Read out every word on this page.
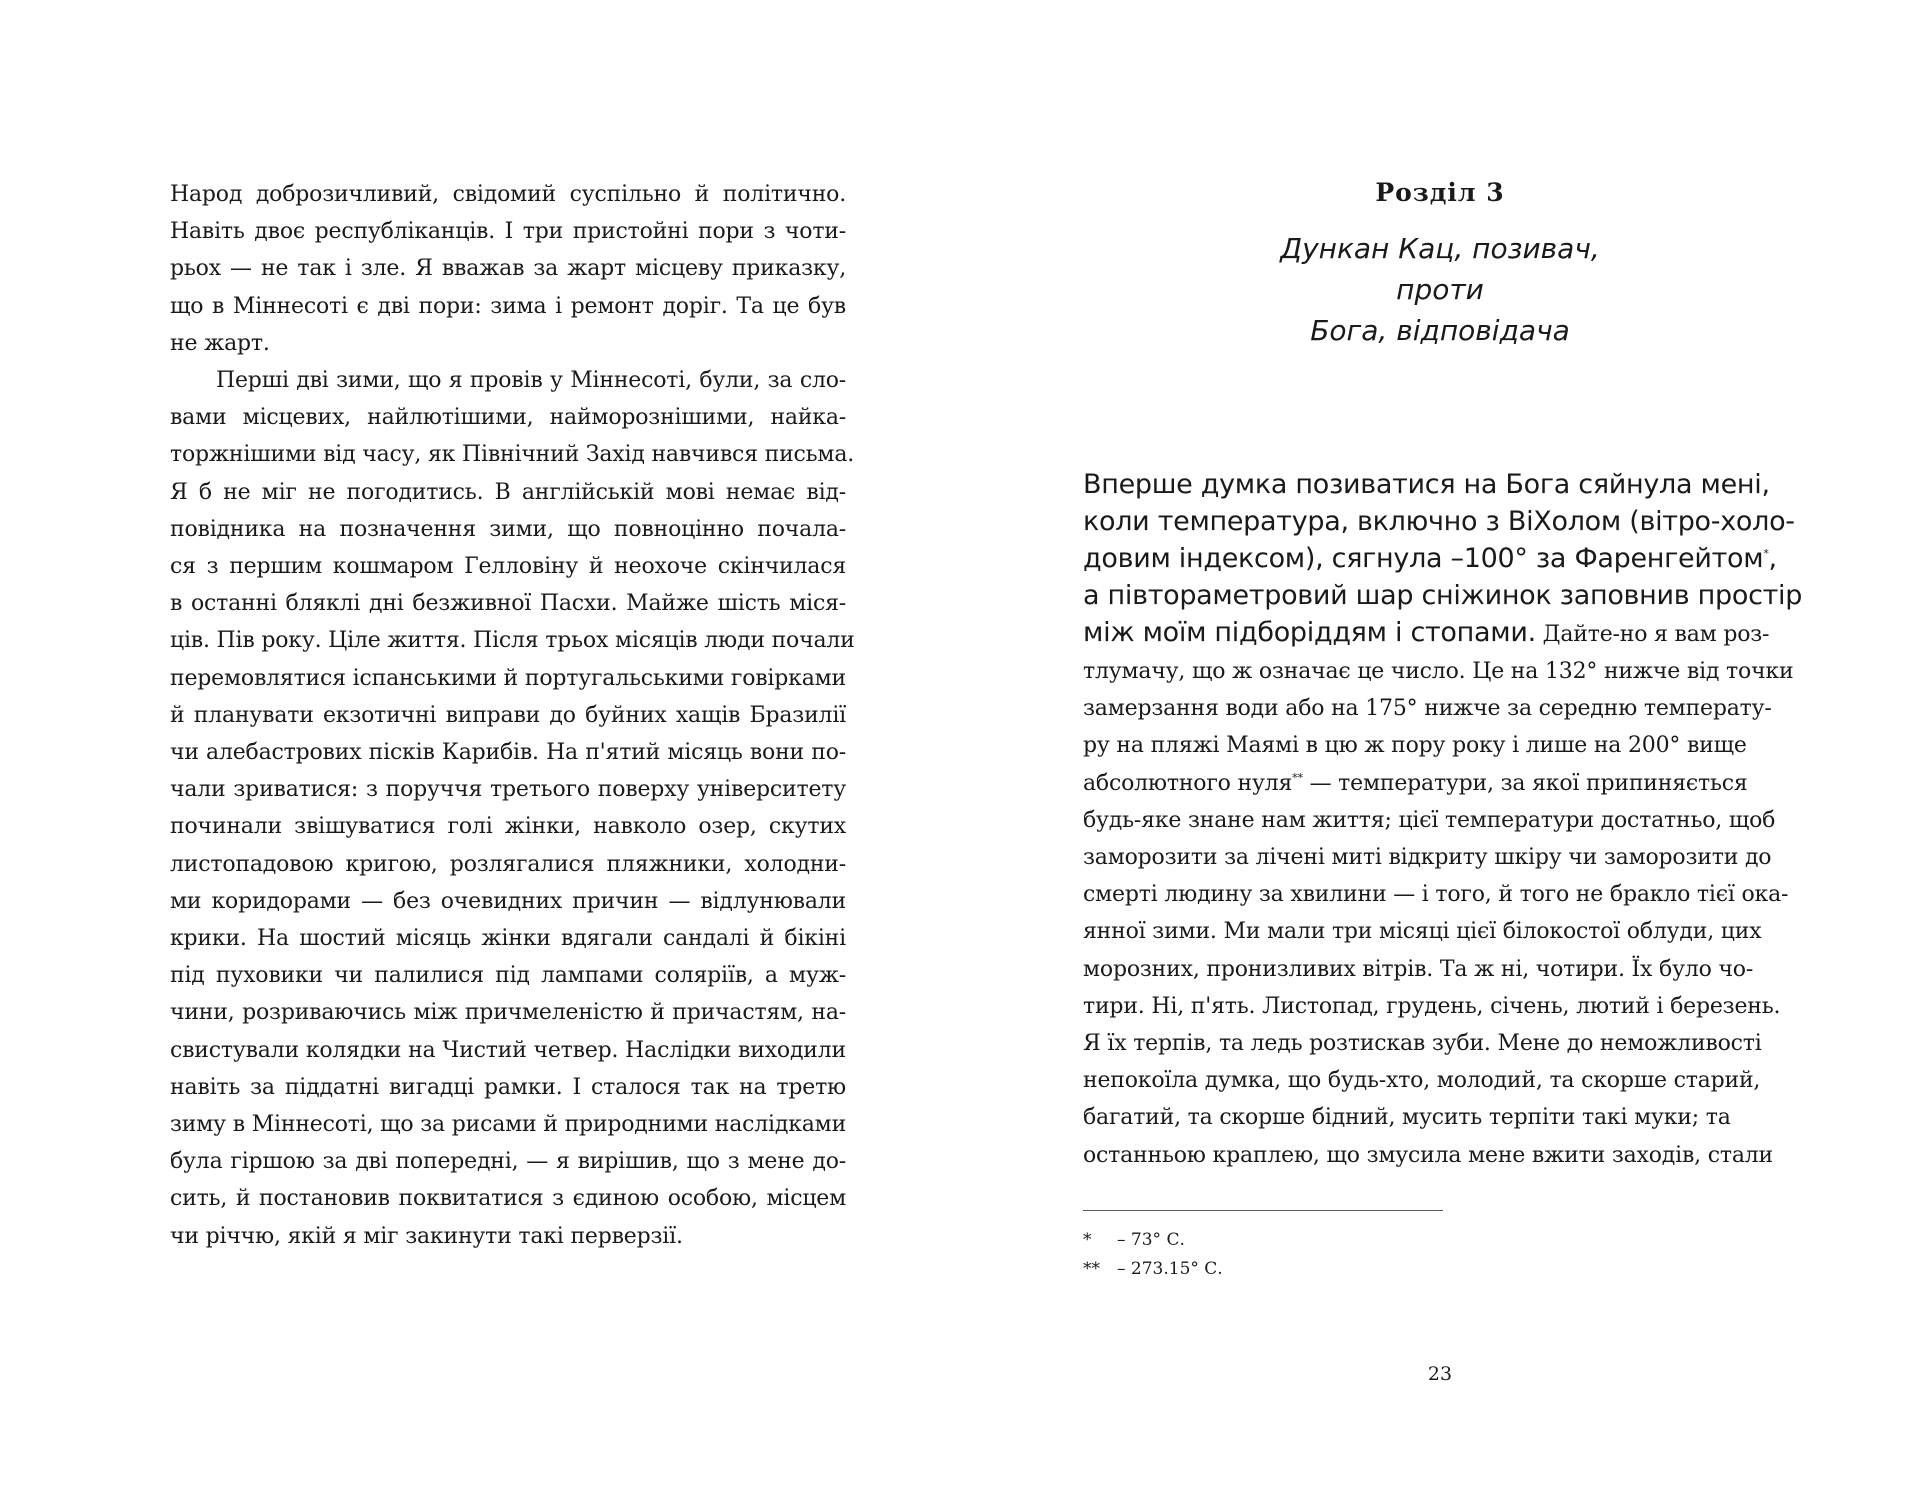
Народ доброзичливий, свідомий суспільно й політично.
Навіть двоє республіканців. І три пристойні пори з чоти-
рьох — не так і зле. Я вважав за жарт місцеву приказку,
що в Міннесоті є дві пори: зима і ремонт доріг. Та це був
не жарт.
Перші дві зими, що я провів у Міннесоті, були, за сло-
вами місцевих, найлютішими, найморознішими, найка-
торжнішими від часу, як Північний Захід навчився письма.
Я б не міг не погодитись. В англійській мові немає від-
повідника на позначення зими, що повноцінно почала-
ся з першим кошмаром Гелловіну й неохоче скінчилася
в останні бляклі дні безживної Пасхи. Майже шість міся-
ців. Пів року. Ціле життя. Після трьох місяців люди почали
перемовлятися іспанськими й португальськими говірками
й планувати екзотичні виправи до буйних хащів Бразилії
чи алебастрових пісків Карибів. На п'ятий місяць вони по-
чали зриватися: з поруччя третього поверху університету
починали звішуватися голі жінки, навколо озер, скутих
листопадовою кригою, розлягалися пляжники, холодни-
ми коридорами — без очевидних причин — відлунювали
крики. На шостий місяць жінки вдягали сандалі й бікіні
під пуховики чи палилися під лампами соляріїв, а муж-
чини, розриваючись між причмеленістю й причастям, на-
свистували колядки на Чистий четвер. Наслідки виходили
навіть за піддатні вигадці рамки. І сталося так на третю
зиму в Міннесоті, що за рисами й природними наслідками
була гіршою за дві попередні, — я вирішив, що з мене до-
сить, й постановив поквитатися з єдиною особою, місцем
чи річчю, якій я міг закинути такі перверзії.
Розділ 3
Дункан Кац, позивач,
проти
Бога, відповідача
Вперше думка позиватися на Бога сяйнула мені,
коли температура, включно з ВіХолом (вітро-холо-
довим індексом), сягнула –100° за Фаренгейтом*,
а півтораметровий шар сніжинок заповнив простір
між моїм підборіддям і стопами. Дайте-но я вам роз-
тлумачу, що ж означає це число. Це на 132° нижче від точки
замерзання води або на 175° нижче за середню температу-
ру на пляжі Маямі в цю ж пору року і лише на 200° вище
абсолютного нуля** — температури, за якої припиняється
будь-яке знане нам життя; цієї температури достатньо, щоб
заморозити за лічені миті відкриту шкіру чи заморозити до
смерті людину за хвилини — і того, й того не бракло тієї ока-
янної зими. Ми мали три місяці цієї білокостої облуди, цих
морозних, пронизливих вітрів. Та ж ні, чотири. Їх було чо-
тири. Ні, п'ять. Листопад, грудень, січень, лютий і березень.
Я їх терпів, та ледь розтискав зуби. Мене до неможливості
непокоїла думка, що будь-хто, молодий, та скорше старий,
багатий, та скорше бідний, мусить терпіти такі муки; та
останньою краплею, що змусила мене вжити заходів, стали
* – 73° С.
** – 273.15° С.
23
